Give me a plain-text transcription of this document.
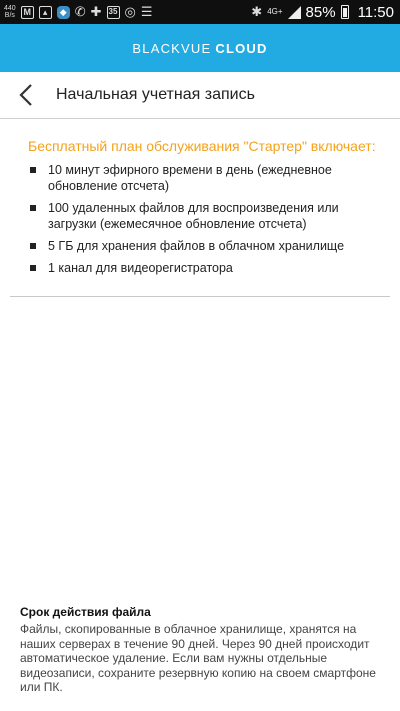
440
B/s M	▴	◆ ✆ ✚ 35 ◎ ☰	✱ 4G+ 85% 11:50
BLACKVUE CLOUD
Начальная учетная запись

Бесплатный план обслуживания "Стартер" включает:

10 минут эфирного времени в день (ежедневное обновление отсчета)
100 удаленных файлов для воспроизведения или загрузки (ежемесячное обновление отсчета)
5 ГБ для хранения файлов в облачном хранилище
1 канал для видеорегистратора

Срок действия файла

Файлы, скопированные в облачное хранилище, хранятся на наших серверах в течение 90 дней. Через 90 дней происходит автоматическое удаление. Если вам нужны отдельные видеозаписи, сохраните резервную копию на своем смартфоне или ПК.
